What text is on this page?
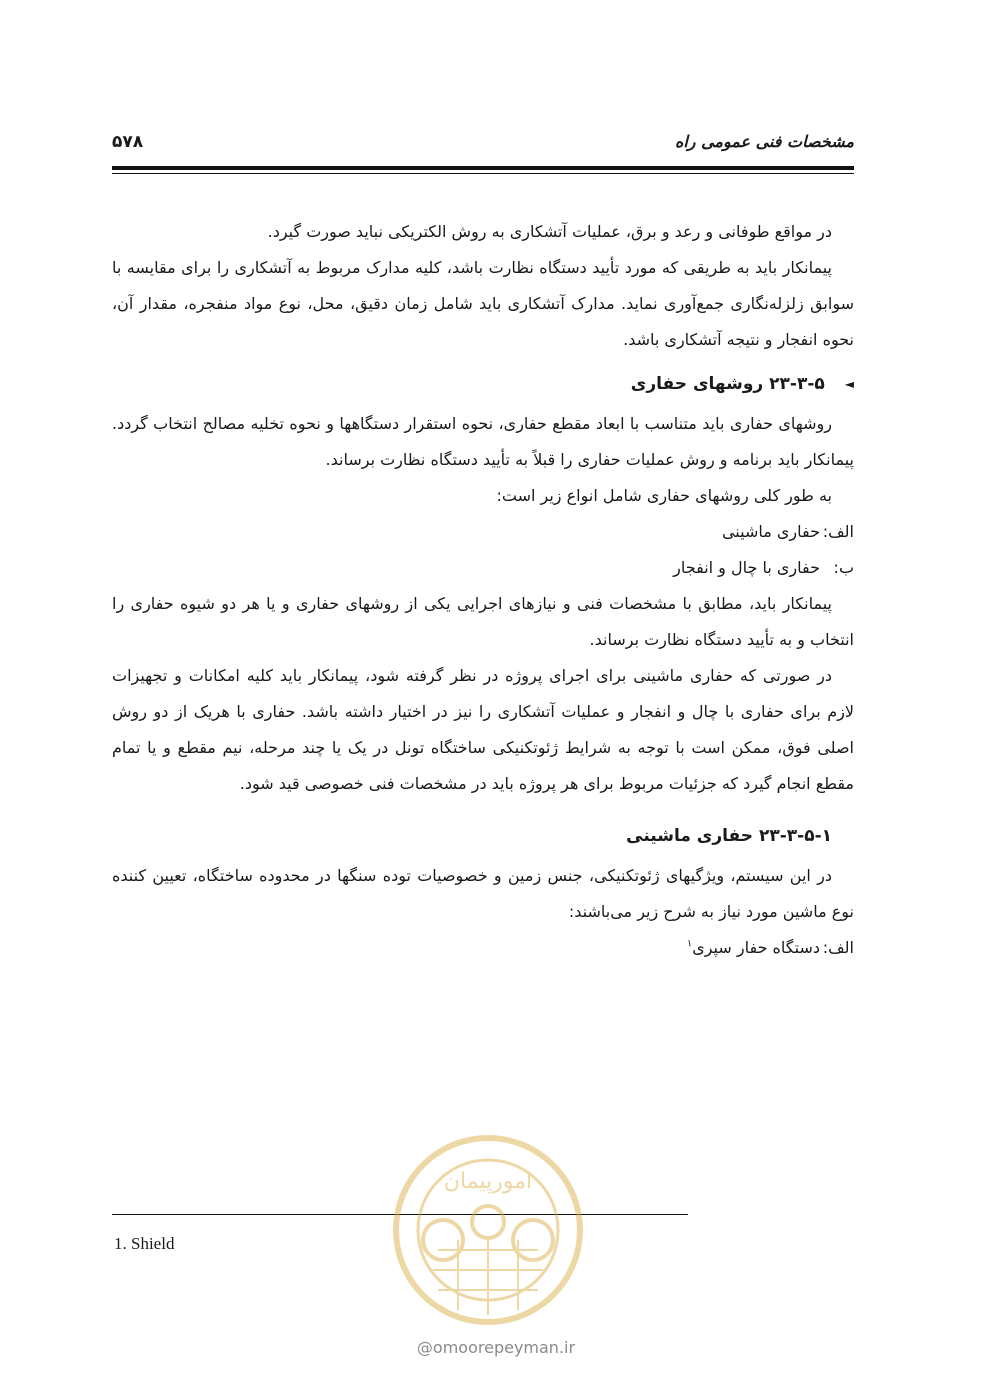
مشخصات فنی عمومی راه
۵۷۸

در مواقع طوفانی و رعد و برق، عملیات آتشکاری به روش الکتریکی نباید صورت گیرد.

پیمانکار باید به طریقی که مورد تأیید دستگاه نظارت باشد، کلیه مدارک مربوط به آتشکاری را برای مقایسه با سوابق زلزله‌نگاری جمع‌آوری نماید. مدارک آتشکاری باید شامل زمان دقیق، محل، نوع مواد منفجره، مقدار آن، نحوه انفجار و نتیجه آتشکاری باشد.

◄
۲۳-۳-۵ روشهای حفاری

روشهای حفاری باید متناسب با ابعاد مقطع حفاری، نحوه استقرار دستگاهها و نحوه تخلیه مصالح انتخاب گردد. پیمانکار باید برنامه و روش عملیات حفاری را قبلاً به تأیید دستگاه نظارت برساند.

به طور کلی روشهای حفاری شامل انواع زیر است:

الف:حفاری ماشینی

ب:حفاری با چال و انفجار

پیمانکار باید، مطابق با مشخصات فنی و نیازهای اجرایی یکی از روشهای حفاری و یا هر دو شیوه حفاری را انتخاب و به تأیید دستگاه نظارت برساند.

در صورتی که حفاری ماشینی برای اجرای پروژه در نظر گرفته شود، پیمانکار باید کلیه امکانات و تجهیزات لازم برای حفاری با چال و انفجار و عملیات آتشکاری را نیز در اختیار داشته باشد. حفاری با هریک از دو روش اصلی فوق، ممکن است با توجه به شرایط ژئوتکنیکی ساختگاه تونل در یک یا چند مرحله، نیم مقطع و یا تمام مقطع انجام گیرد که جزئیات مربوط برای هر پروژه باید در مشخصات فنی خصوصی قید شود.

۲۳-۳-۵-۱ حفاری ماشینی

در این سیستم، ویژگیهای ژئوتکنیکی، جنس زمین و خصوصیات توده سنگها در محدوده ساختگاه، تعیین کننده نوع ماشین مورد نیاز به شرح زیر می‌باشند:

الف:دستگاه حفار سپری$^۱$

1. Shield
امورپیمان
@omoorepeyman.ir
